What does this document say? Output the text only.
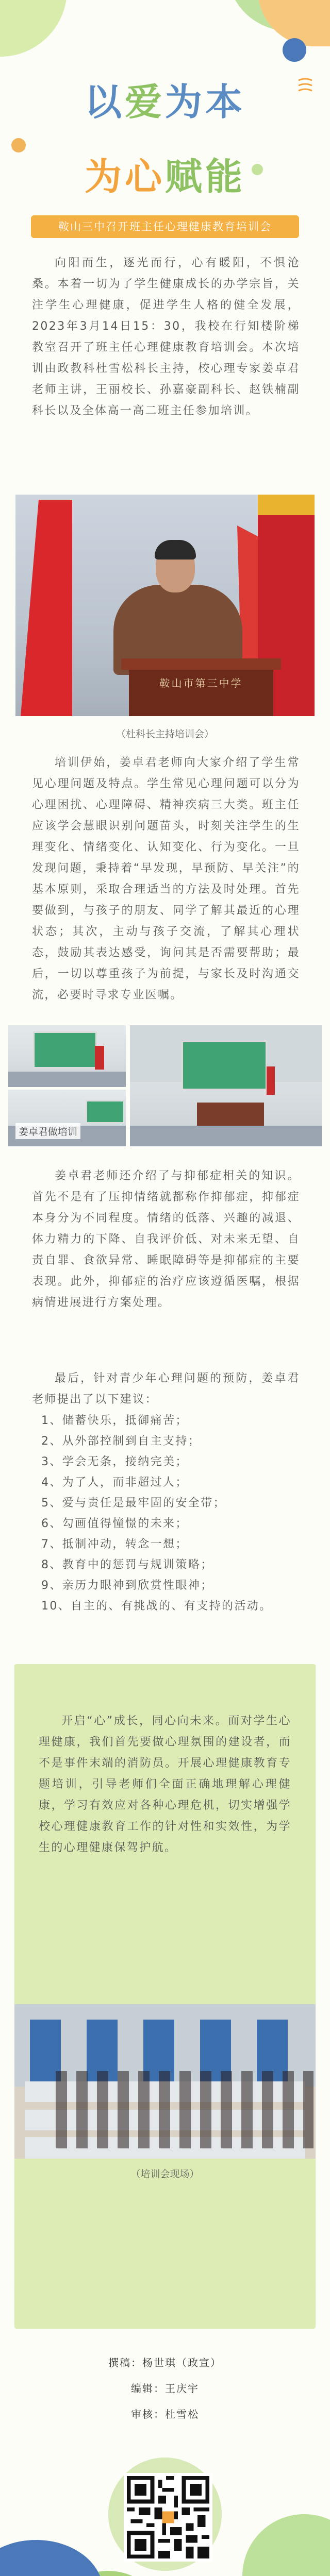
以爱为本
为心赋能
鞍山三中召开班主任心理健康教育培训会

向阳而生，逐光而行，心有暖阳，不惧沧桑。本着一切为了学生健康成长的办学宗旨，关注学生心理健康，促进学生人格的健全发展，2023年3月14日15：30，我校在行知楼阶梯教室召开了班主任心理健康教育培训会。本次培训由政教科杜雪松科长主持，校心理专家姜卓君老师主讲，王丽校长、孙嘉豪副科长、赵铁楠副科长以及全体高一高二班主任参加培训。

鞍山市第三中学
（杜科长主持培训会）

培训伊始，姜卓君老师向大家介绍了学生常见心理问题及特点。学生常见心理问题可以分为心理困扰、心理障碍、精神疾病三大类。班主任应该学会慧眼识别问题苗头，时刻关注学生的生理变化、情绪变化、认知变化、行为变化。一旦发现问题，秉持着“早发现，早预防、早关注”的基本原则，采取合理适当的方法及时处理。首先要做到，与孩子的朋友、同学了解其最近的心理状态；其次，主动与孩子交流，了解其心理状态，鼓励其表达感受，询问其是否需要帮助；最后，一切以尊重孩子为前提，与家长及时沟通交流，必要时寻求专业医嘱。

姜卓君做培训

姜卓君老师还介绍了与抑郁症相关的知识。首先不是有了压抑情绪就都称作抑郁症，抑郁症本身分为不同程度。情绪的低落、兴趣的减退、体力精力的下降、自我评价低、对未来无望、自责自罪、食欲异常、睡眠障碍等是抑郁症的主要表现。此外，抑郁症的治疗应该遵循医嘱，根据病情进展进行方案处理。

最后，针对青少年心理问题的预防，姜卓君老师提出了以下建议：

1、储蓄快乐，抵御痛苦；
2、从外部控制到自主支持；
3、学会无条，接纳完美；
4、为了人，而非超过人；
5、爱与责任是最牢固的安全带；
6、勾画值得憧憬的未来；
7、抵制冲动，转念一想；
8、教育中的惩罚与规训策略；
9、亲历力眼神到欣赏性眼神；
10、自主的、有挑战的、有支持的活动。

开启“心”成长，同心向未来。面对学生心理健康，我们首先要做心理氛围的建设者，而不是事件末端的消防员。开展心理健康教育专题培训，引导老师们全面正确地理解心理健康，学习有效应对各种心理危机，切实增强学校心理健康教育工作的针对性和实效性，为学生的心理健康保驾护航。

（培训会现场）
撰稿：杨世琪（政宣）
编辑：王庆宇
审核：杜雪松
